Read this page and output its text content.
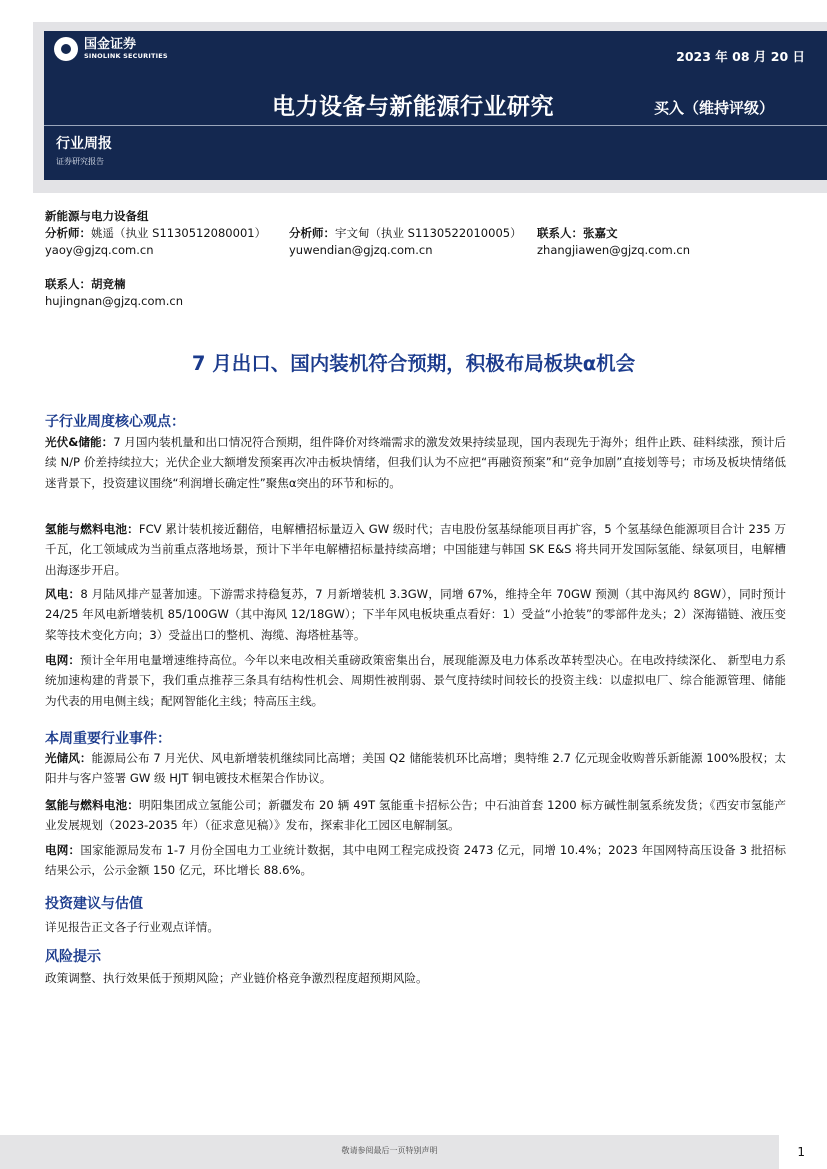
国金证券
SINOLINK SECURITIES	2023 年 08 月 20 日
电力设备与新能源行业研究	买入（维持评级）
行业周报
证券研究报告
新能源与电力设备组
分析师：姚遥（执业 S1130512080001）
yaoy@gjzq.com.cn
分析师：宇文甸（执业 S1130522010005）
yuwendian@gjzq.com.cn
联系人：张嘉文
zhangjiawen@gjzq.com.cn
联系人：胡竞楠
hujingnan@gjzq.com.cn
7 月出口、国内装机符合预期，积极布局板块α机会
子行业周度核心观点：
光伏&储能：7 月国内装机量和出口情况符合预期，组件降价对终端需求的激发效果持续显现，国内表现先于海外；组件止跌、硅料续涨，预计后续 N/P 价差持续拉大；光伏企业大额增发预案再次冲击板块情绪，但我们认为不应把“再融资预案”和“竞争加剧”直接划等号；市场及板块情绪低迷背景下，投资建议围绕“利润增长确定性”聚焦α突出的环节和标的。
氢能与燃料电池：FCV 累计装机接近翻倍，电解槽招标量迈入 GW 级时代；吉电股份氢基绿能项目再扩容，5 个氢基绿色能源项目合计 235 万千瓦，化工领域成为当前重点落地场景，预计下半年电解槽招标量持续高增；中国能建与韩国 SK E&S 将共同开发国际氢能、绿氨项目，电解槽出海逐步开启。
风电：8 月陆风排产显著加速。下游需求持稳复苏，7 月新增装机 3.3GW，同增 67%，维持全年 70GW 预测（其中海风约 8GW），同时预计 24/25 年风电新增装机 85/100GW（其中海风 12/18GW）；下半年风电板块重点看好：1）受益“小抢装”的零部件龙头；2）深海锚链、液压变桨等技术变化方向；3）受益出口的整机、海缆、海塔桩基等。
电网：预计全年用电量增速维持高位。今年以来电改相关重磅政策密集出台，展现能源及电力体系改革转型决心。在电改持续深化、 新型电力系统加速构建的背景下，我们重点推荐三条具有结构性机会、周期性被削弱、景气度持续时间较长的投资主线：以虚拟电厂、综合能源管理、储能为代表的用电侧主线；配网智能化主线；特高压主线。
本周重要行业事件：
光储风：能源局公布 7 月光伏、风电新增装机继续同比高增；美国 Q2 储能装机环比高增；奥特维 2.7 亿元现金收购普乐新能源 100%股权；太阳井与客户签署 GW 级 HJT 铜电镀技术框架合作协议。
氢能与燃料电池：明阳集团成立氢能公司；新疆发布 20 辆 49T 氢能重卡招标公告；中石油首套 1200 标方碱性制氢系统发货；《西安市氢能产业发展规划（2023-2035 年）（征求意见稿）》发布，探索非化工园区电解制氢。
电网：国家能源局发布 1-7 月份全国电力工业统计数据，其中电网工程完成投资 2473 亿元，同增 10.4%；2023 年国网特高压设备 3 批招标结果公示，公示金额 150 亿元，环比增长 88.6%。
投资建议与估值
详见报告正文各子行业观点详情。
风险提示
政策调整、执行效果低于预期风险；产业链价格竞争激烈程度超预期风险。
敬请参阅最后一页特别声明	1
